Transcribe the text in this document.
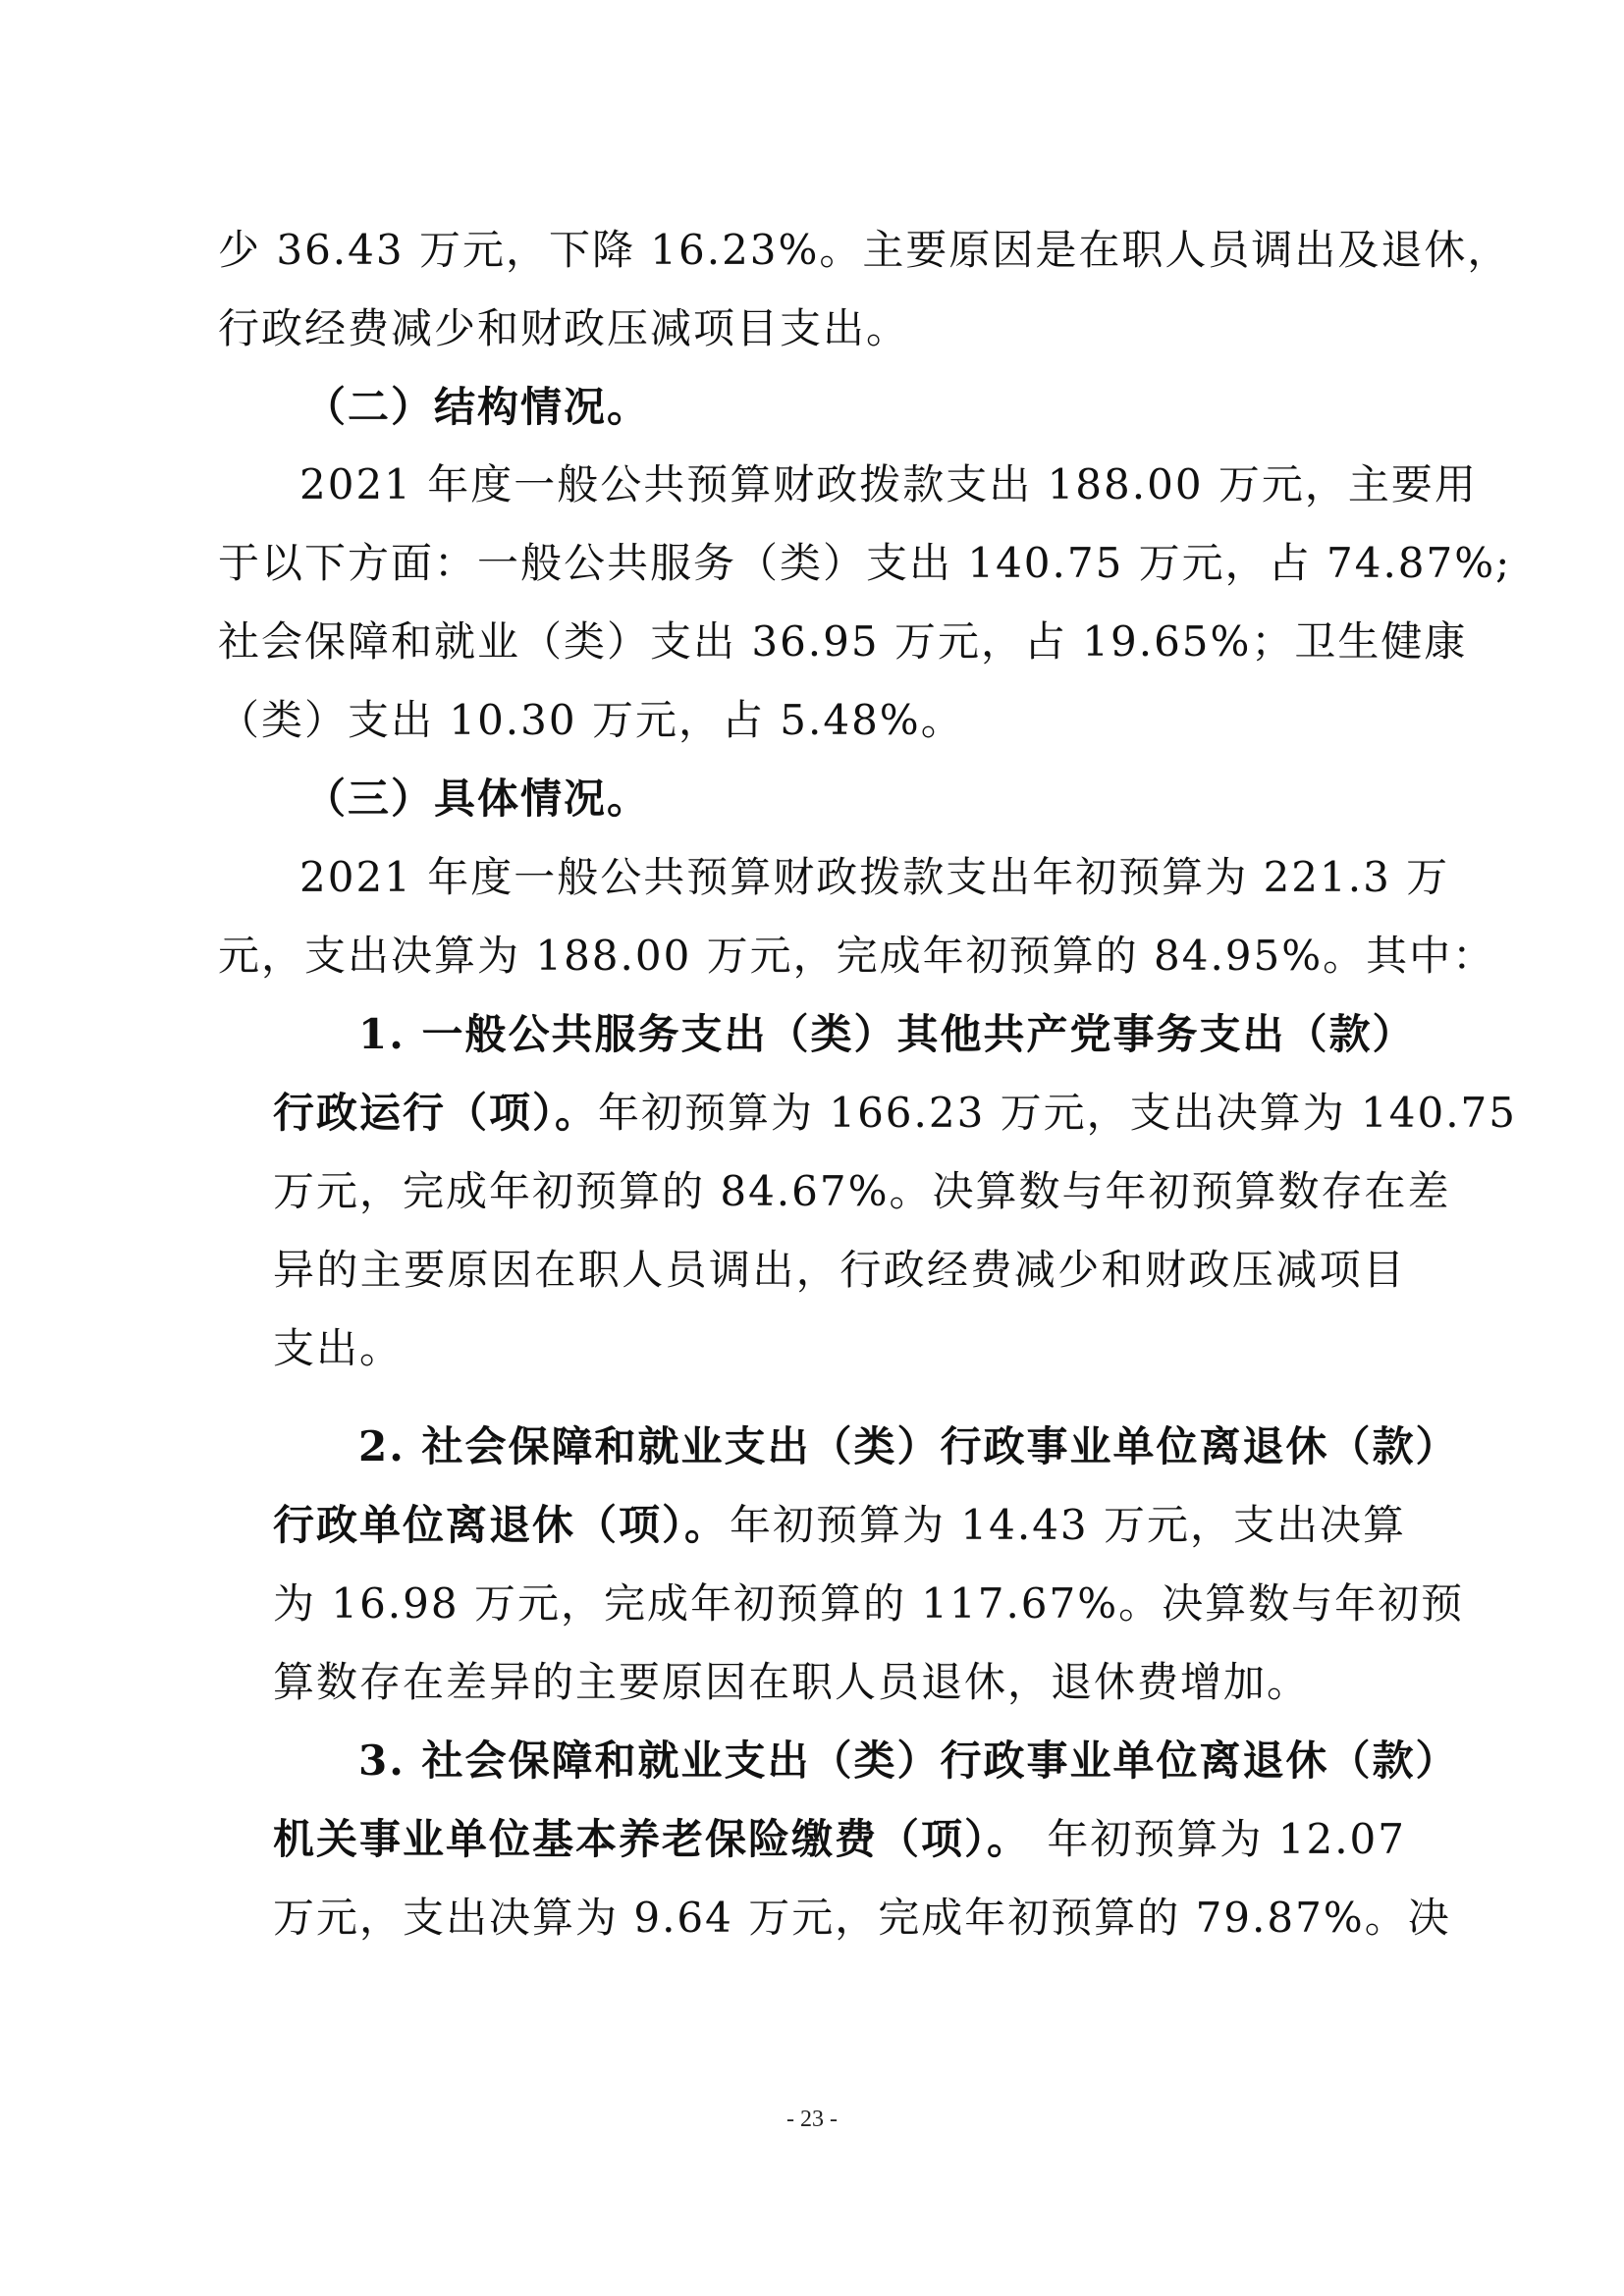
少 36.43 万元，下降 16.23%。主要原因是在职人员调出及退休，
行政经费减少和财政压减项目支出。
（二）结构情况。
2021 年度一般公共预算财政拨款支出 188.00 万元，主要用
于以下方面：一般公共服务（类）支出 140.75 万元，占 74.87%;
社会保障和就业（类）支出 36.95 万元，占 19.65%；卫生健康
（类）支出 10.30 万元，占 5.48%。
（三）具体情况。
2021 年度一般公共预算财政拨款支出年初预算为 221.3 万
元，支出决算为 188.00 万元，完成年初预算的 84.95%。其中：
1. 一般公共服务支出（类）其他共产党事务支出（款）
行政运行（项）。 年初预算为 166.23 万元，支出决算为 140.75
万元，完成年初预算的 84.67%。决算数与年初预算数存在差
异的主要原因在职人员调出，行政经费减少和财政压减项目
支出。
2. 社会保障和就业支出（类）行政事业单位离退休（款）
行政单位离退休（项）。 年初预算为 14.43 万元，支出决算
为 16.98 万元，完成年初预算的 117.67%。决算数与年初预
算数存在差异的主要原因在职人员退休，退休费增加。
3. 社会保障和就业支出（类）行政事业单位离退休（款）
机关事业单位基本养老保险缴费（项）。 年初预算为 12.07
万元，支出决算为 9.64 万元，完成年初预算的 79.87%。决
- 23 -
